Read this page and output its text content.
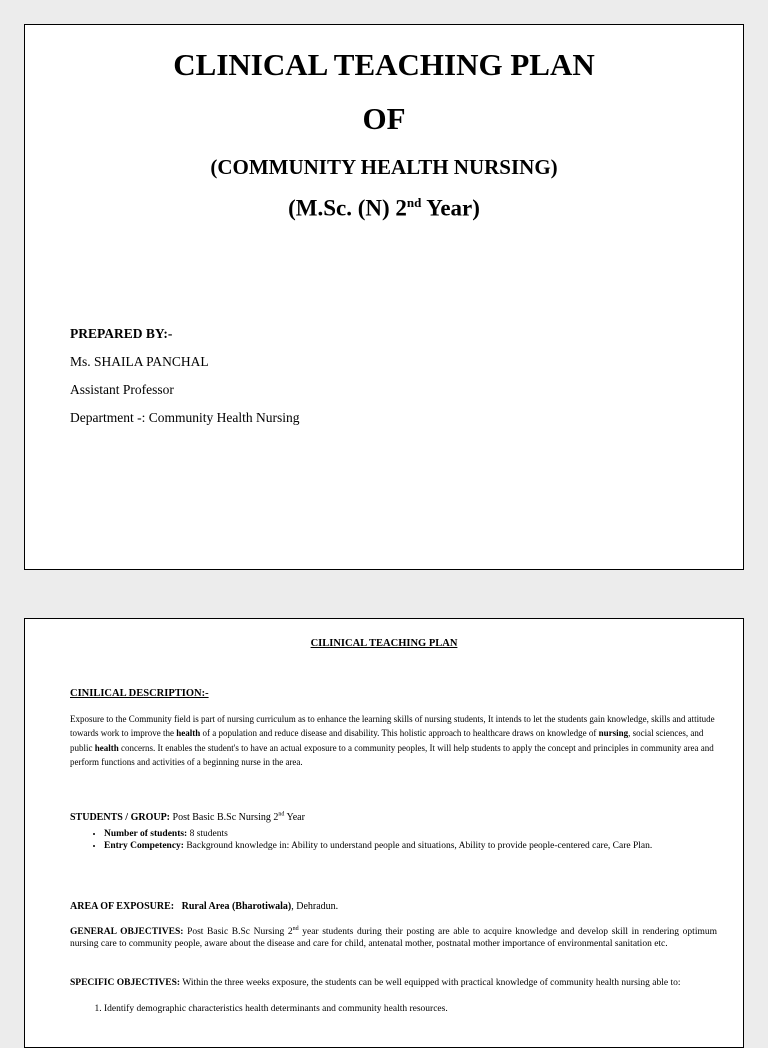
CLINICAL TEACHING PLAN
OF
(COMMUNITY HEALTH NURSING)
(M.Sc. (N) 2nd Year)
PREPARED BY:-
Ms. SHAILA PANCHAL
Assistant Professor
Department -: Community Health Nursing
CILINICAL TEACHING PLAN
CINILICAL DESCRIPTION:-
Exposure to the Community field is part of nursing curriculum as to enhance the learning skills of nursing students, It intends to let the students gain knowledge, skills and attitude towards work to improve the health of a population and reduce disease and disability. This holistic approach to healthcare draws on knowledge of nursing, social sciences, and public health concerns. It enables the student's to have an actual exposure to a community peoples, It will help students to apply the concept and principles in community area and perform functions and activities of a beginning nurse in the area.
STUDENTS / GROUP: Post Basic B.Sc Nursing 2nd Year
• Number of students: 8 students
• Entry Competency: Background knowledge in: Ability to understand people and situations, Ability to provide people-centered care, Care Plan.
AREA OF EXPOSURE: Rural Area (Bharotiwala), Dehradun.
GENERAL OBJECTIVES: Post Basic B.Sc Nursing 2nd year students during their posting are able to acquire knowledge and develop skill in rendering optimum nursing care to community people, aware about the disease and care for child, antenatal mother, postnatal mother importance of environmental sanitation etc.
SPECIFIC OBJECTIVES: Within the three weeks exposure, the students can be well equipped with practical knowledge of community health nursing able to:
1. Identify demographic characteristics health determinants and community health resources.
